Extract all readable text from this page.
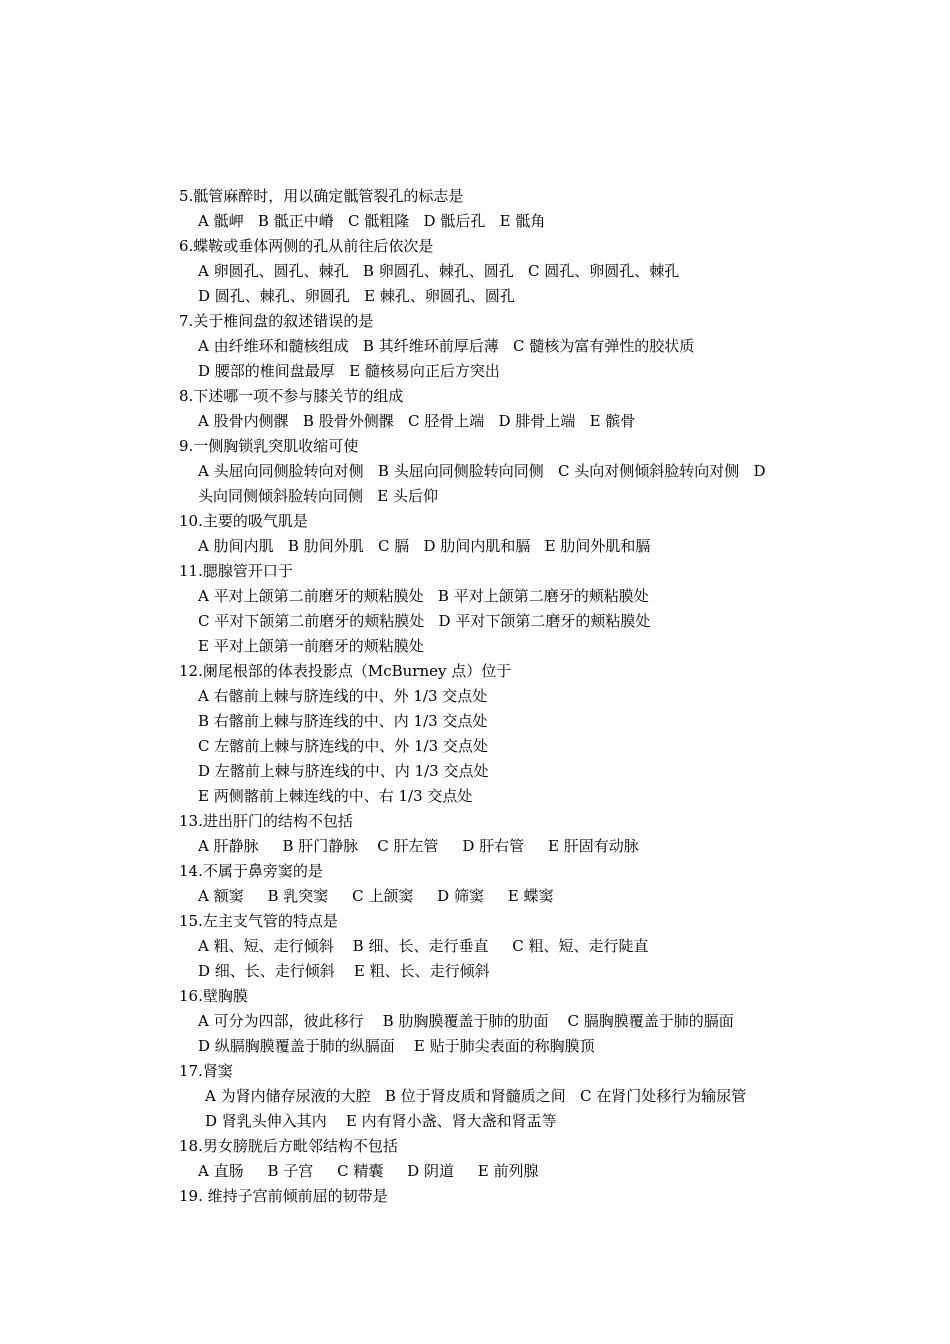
5.骶管麻醉时，用以确定骶管裂孔的标志是
A 骶岬   B 骶正中嵴   C 骶粗隆   D 骶后孔   E 骶角
6.蝶鞍或垂体两侧的孔从前往后依次是
A 卵圆孔、圆孔、棘孔   B 卵圆孔、棘孔、圆孔   C 圆孔、卵圆孔、棘孔
D 圆孔、棘孔、卵圆孔   E 棘孔、卵圆孔、圆孔
7.关于椎间盘的叙述错误的是
A 由纤维环和髓核组成   B 其纤维环前厚后薄   C 髓核为富有弹性的胶状质
D 腰部的椎间盘最厚   E 髓核易向正后方突出
8.下述哪一项不参与膝关节的组成
A 股骨内侧髁   B 股骨外侧髁   C 胫骨上端   D 腓骨上端   E 髌骨
9.一侧胸锁乳突肌收缩可使
A 头屈向同侧脸转向对侧   B 头屈向同侧脸转向同侧   C 头向对侧倾斜脸转向对侧   D
头向同侧倾斜脸转向同侧   E 头后仰
10.主要的吸气肌是
A 肋间内肌   B 肋间外肌   C 膈   D 肋间内肌和膈   E 肋间外肌和膈
11.腮腺管开口于
A 平对上颌第二前磨牙的颊粘膜处   B 平对上颌第二磨牙的颊粘膜处
C 平对下颌第二前磨牙的颊粘膜处   D 平对下颌第二磨牙的颊粘膜处
E 平对上颌第一前磨牙的颊粘膜处
12.阑尾根部的体表投影点（McBurney 点）位于
A 右髂前上棘与脐连线的中、外 1/3 交点处
B 右髂前上棘与脐连线的中、内 1/3 交点处
C 左髂前上棘与脐连线的中、外 1/3 交点处
D 左髂前上棘与脐连线的中、内 1/3 交点处
E 两侧髂前上棘连线的中、右 1/3 交点处
13.进出肝门的结构不包括
A 肝静脉     B 肝门静脉    C 肝左管     D 肝右管     E 肝固有动脉
14.不属于鼻旁窦的是
A 额窦     B 乳突窦     C 上颌窦     D 筛窦     E 蝶窦
15.左主支气管的特点是
A 粗、短、走行倾斜    B 细、长、走行垂直     C 粗、短、走行陡直
D 细、长、走行倾斜    E 粗、长、走行倾斜
16.壁胸膜
A 可分为四部，彼此移行    B 肋胸膜覆盖于肺的肋面    C 膈胸膜覆盖于肺的膈面
D 纵膈胸膜覆盖于肺的纵膈面    E 贴于肺尖表面的称胸膜顶
17.肾窦
A 为肾内储存尿液的大腔   B 位于肾皮质和肾髓质之间   C 在肾门处移行为输尿管
D 肾乳头伸入其内    E 内有肾小盏、肾大盏和肾盂等
18.男女膀胱后方毗邻结构不包括
A 直肠     B 子宫     C 精囊     D 阴道     E 前列腺
19. 维持子宫前倾前屈的韧带是
